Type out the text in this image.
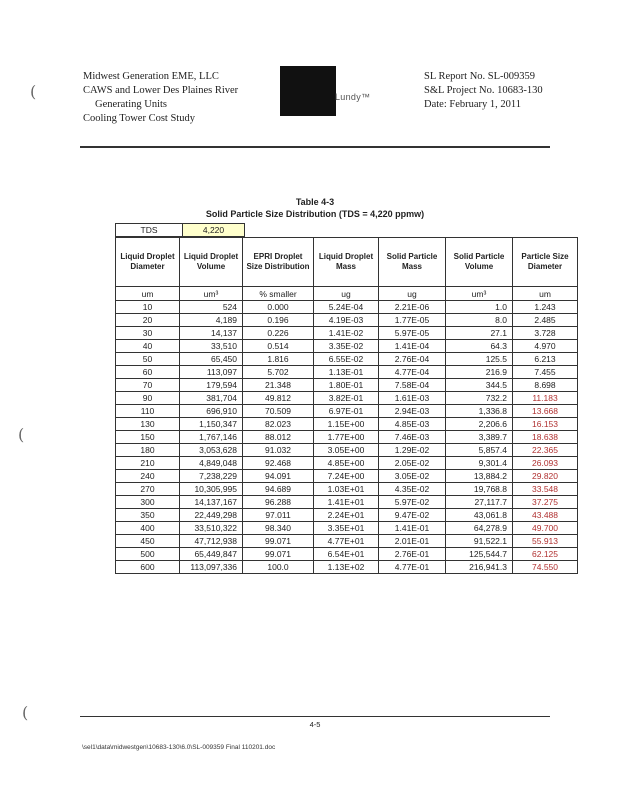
Midwest Generation EME, LLC
CAWS and Lower Des Plaines River
Generating Units
Cooling Tower Cost Study
Lundy™
SL Report No. SL-009359
S&L Project No. 10683-130
Date: February 1, 2011
Table 4-3
Solid Particle Size Distribution (TDS = 4,220 ppmw)
TDS	4,220
Liquid Droplet Diameter	Liquid Droplet Volume	EPRI Droplet Size Distribution	Liquid Droplet Mass	Solid Particle Mass	Solid Particle Volume	Particle Size Diameter
um	um³	% smaller	ug	ug	um³	um
10	524	0.000	5.24E-04	2.21E-06	1.0	1.243
20	4,189	0.196	4.19E-03	1.77E-05	8.0	2.485
30	14,137	0.226	1.41E-02	5.97E-05	27.1	3.728
40	33,510	0.514	3.35E-02	1.41E-04	64.3	4.970
50	65,450	1.816	6.55E-02	2.76E-04	125.5	6.213
60	113,097	5.702	1.13E-01	4.77E-04	216.9	7.455
70	179,594	21.348	1.80E-01	7.58E-04	344.5	8.698
90	381,704	49.812	3.82E-01	1.61E-03	732.2	11.183
110	696,910	70.509	6.97E-01	2.94E-03	1,336.8	13.668
130	1,150,347	82.023	1.15E+00	4.85E-03	2,206.6	16.153
150	1,767,146	88.012	1.77E+00	7.46E-03	3,389.7	18.638
180	3,053,628	91.032	3.05E+00	1.29E-02	5,857.4	22.365
210	4,849,048	92.468	4.85E+00	2.05E-02	9,301.4	26.093
240	7,238,229	94.091	7.24E+00	3.05E-02	13,884.2	29.820
270	10,305,995	94.689	1.03E+01	4.35E-02	19,768.8	33.548
300	14,137,167	96.288	1.41E+01	5.97E-02	27,117.7	37.275
350	22,449,298	97.011	2.24E+01	9.47E-02	43,061.8	43.488
400	33,510,322	98.340	3.35E+01	1.41E-01	64,278.9	49.700
450	47,712,938	99.071	4.77E+01	2.01E-01	91,522.1	55.913
500	65,449,847	99.071	6.54E+01	2.76E-01	125,544.7	62.125
600	113,097,336	100.0	1.13E+02	4.77E-01	216,941.3	74.550
4-5
\sel1\data\midwestgen\10683-130\6.0\SL-009359 Final 110201.doc
(
(
(
